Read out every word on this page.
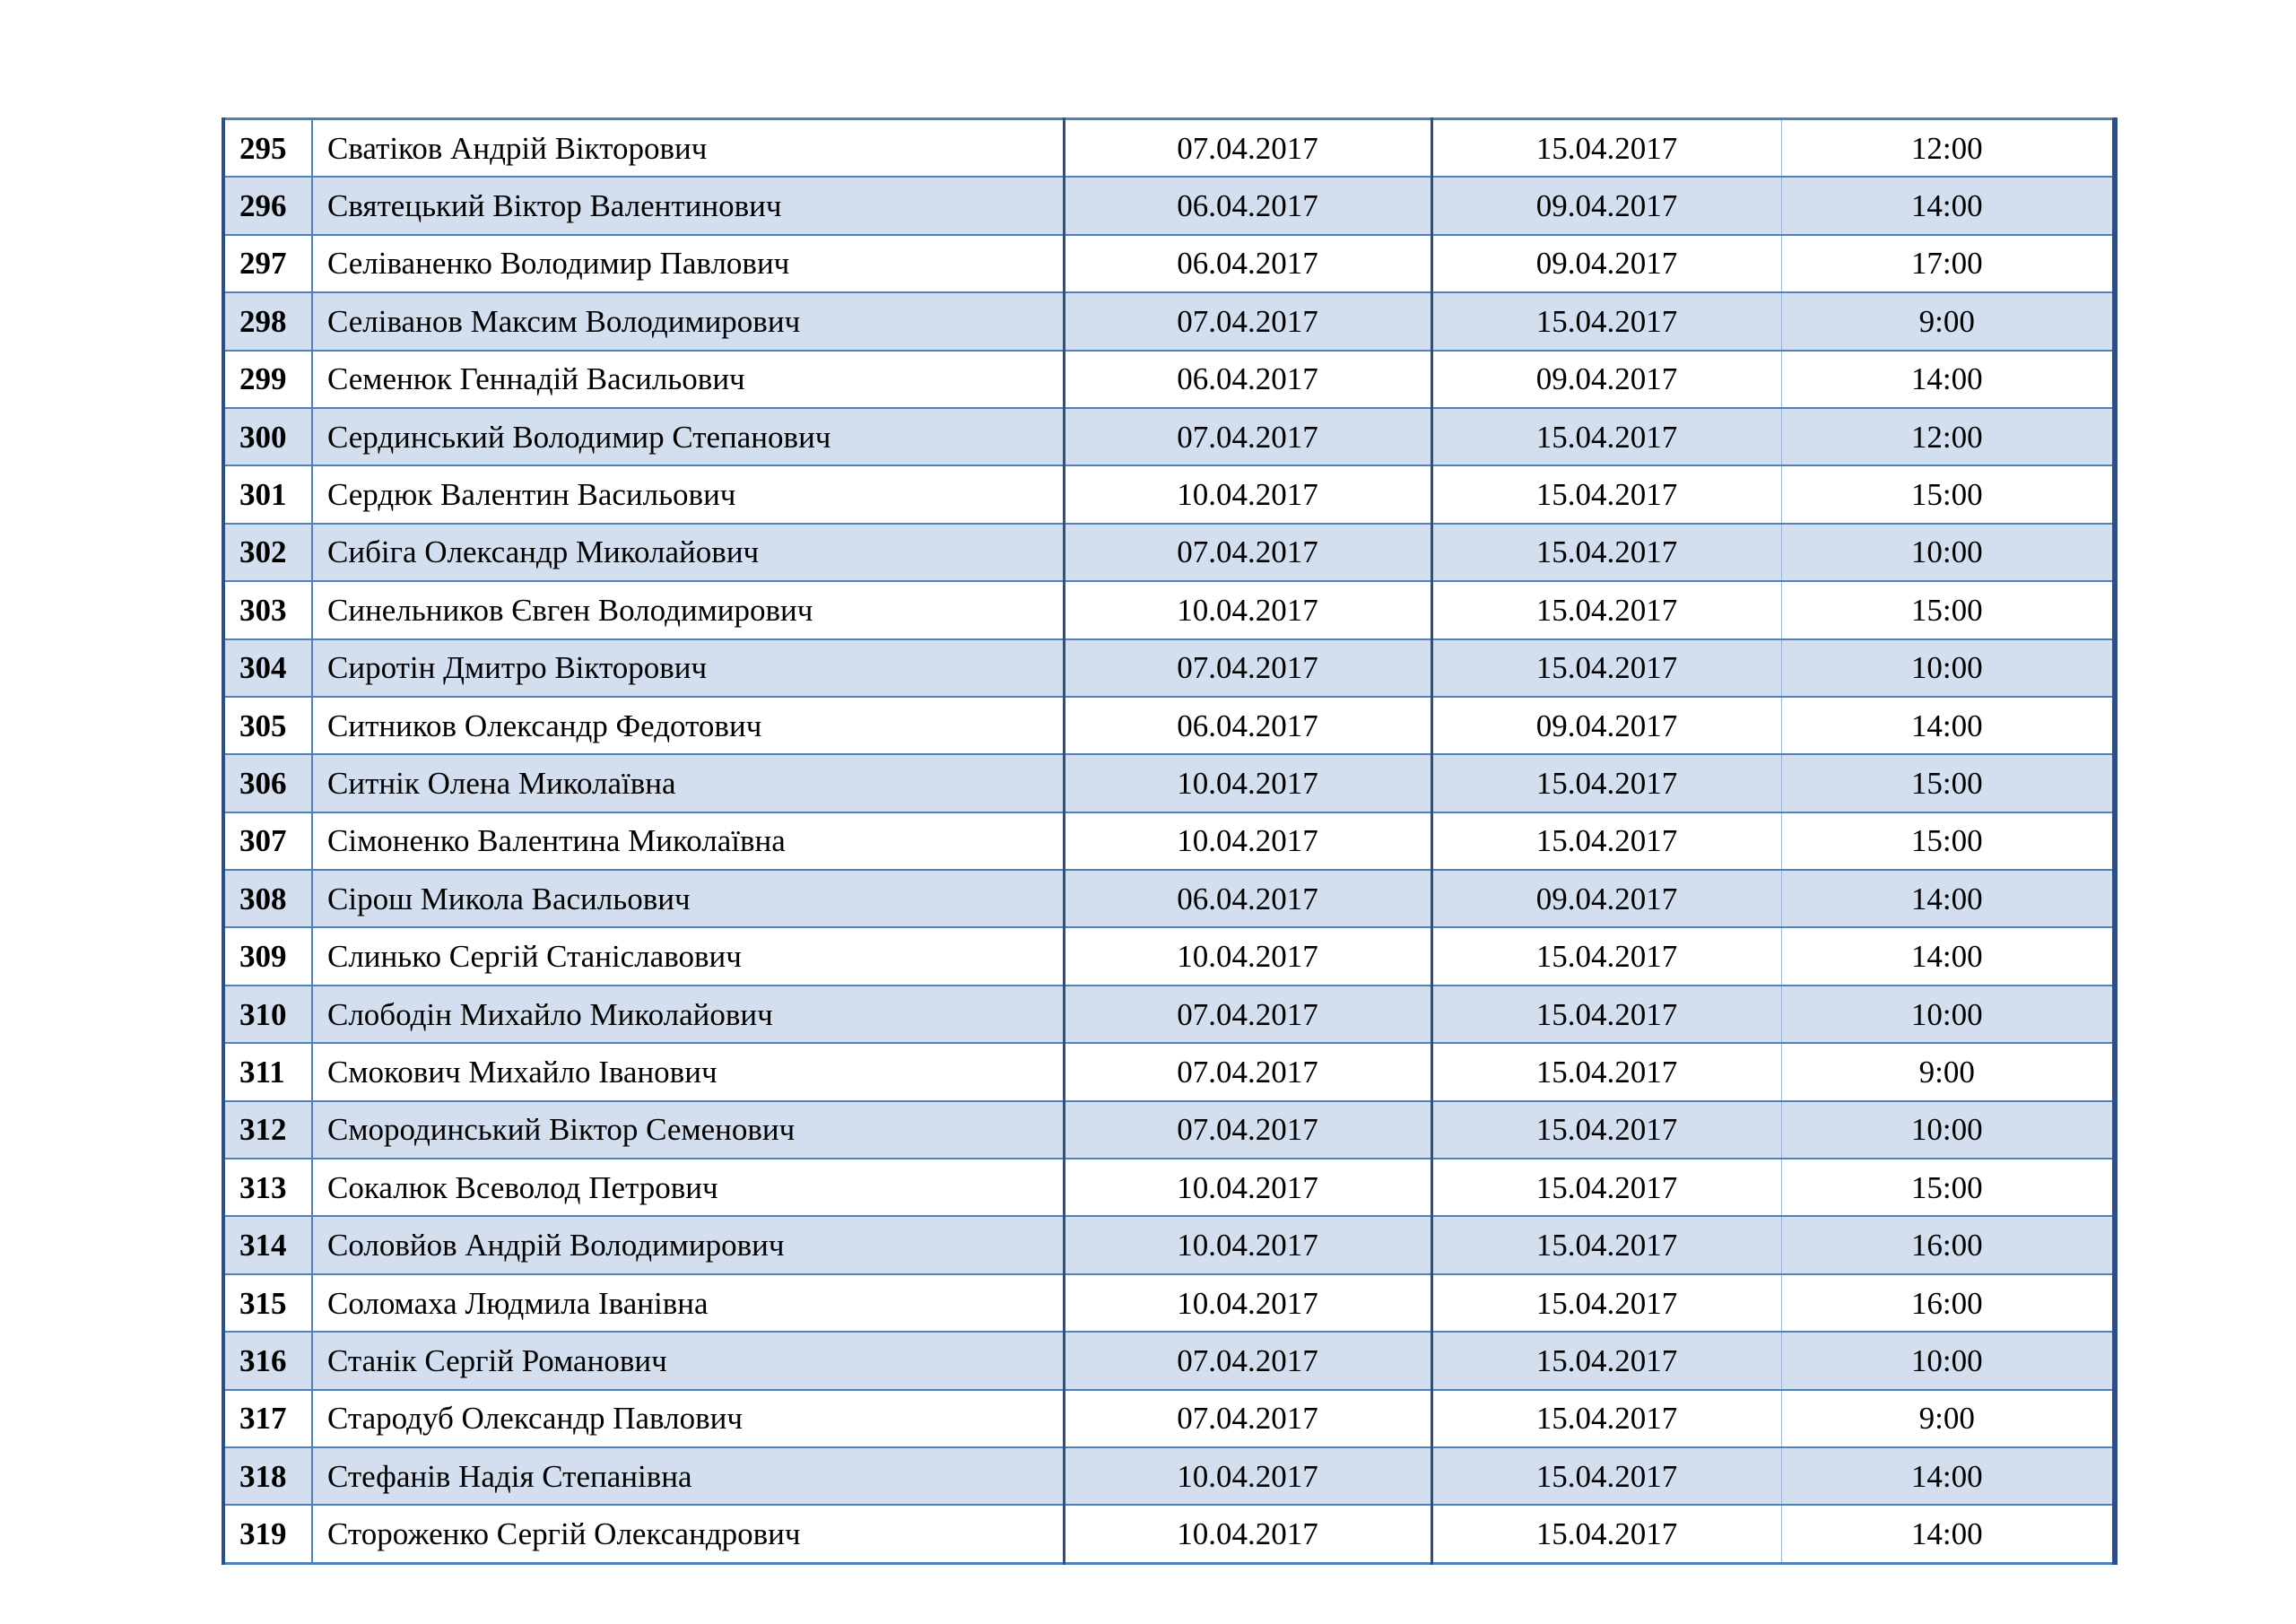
295	Сватіков Андрій Вікторович	07.04.2017	15.04.2017	12:00
296	Святецький Віктор Валентинович	06.04.2017	09.04.2017	14:00
297	Селіваненко Володимир Павлович	06.04.2017	09.04.2017	17:00
298	Селіванов Максим Володимирович	07.04.2017	15.04.2017	9:00
299	Семенюк Геннадій Васильович	06.04.2017	09.04.2017	14:00
300	Сердинський Володимир Степанович	07.04.2017	15.04.2017	12:00
301	Сердюк Валентин Васильович	10.04.2017	15.04.2017	15:00
302	Сибіга Олександр Миколайович	07.04.2017	15.04.2017	10:00
303	Синельников Євген Володимирович	10.04.2017	15.04.2017	15:00
304	Сиротін Дмитро Вікторович	07.04.2017	15.04.2017	10:00
305	Ситников Олександр Федотович	06.04.2017	09.04.2017	14:00
306	Ситнік Олена Миколаївна	10.04.2017	15.04.2017	15:00
307	Сімоненко Валентина Миколаївна	10.04.2017	15.04.2017	15:00
308	Сірош Микола Васильович	06.04.2017	09.04.2017	14:00
309	Слинько Сергій Станіславович	10.04.2017	15.04.2017	14:00
310	Слободін Михайло Миколайович	07.04.2017	15.04.2017	10:00
311	Смокович Михайло Іванович	07.04.2017	15.04.2017	9:00
312	Смородинський Віктор Семенович	07.04.2017	15.04.2017	10:00
313	Сокалюк Всеволод Петрович	10.04.2017	15.04.2017	15:00
314	Соловйов Андрій Володимирович	10.04.2017	15.04.2017	16:00
315	Соломаха Людмила Іванівна	10.04.2017	15.04.2017	16:00
316	Станік Сергій Романович	07.04.2017	15.04.2017	10:00
317	Стародуб Олександр Павлович	07.04.2017	15.04.2017	9:00
318	Стефанів Надія Степанівна	10.04.2017	15.04.2017	14:00
319	Стороженко Сергій Олександрович	10.04.2017	15.04.2017	14:00
